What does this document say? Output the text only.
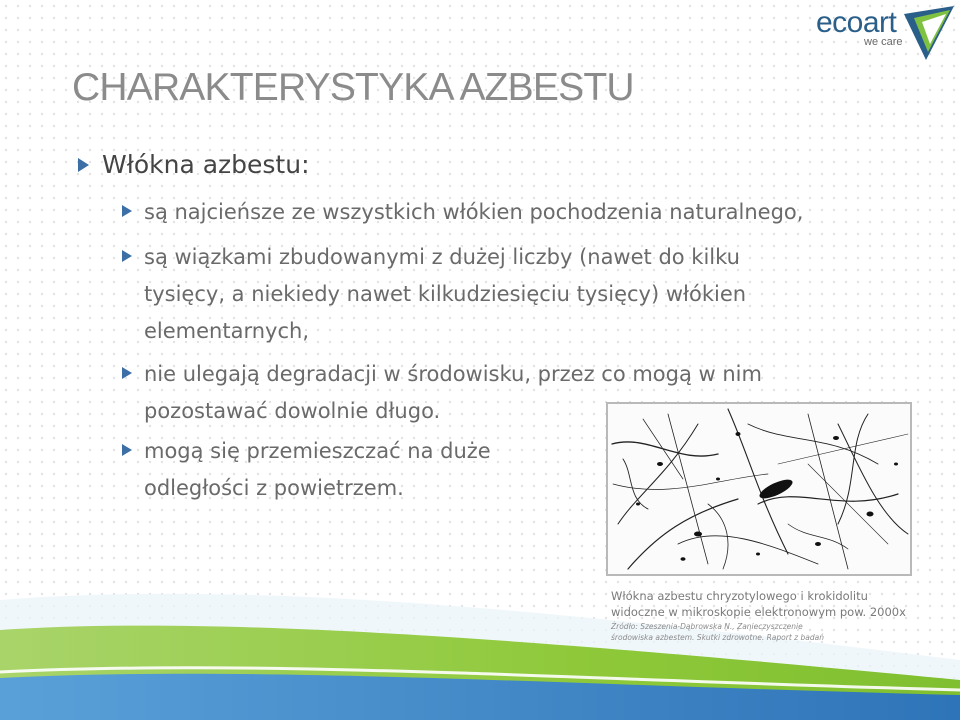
ecoart
we care
CHARAKTERYSTYKA AZBESTU
Włókna azbestu:
są najcieńsze ze wszystkich włókien pochodzenia naturalnego,
są wiązkami zbudowanymi z dużej liczby (nawet do kilku tysięcy, a niekiedy nawet kilkudziesięciu tysięcy) włókien elementarnych,
nie ulegają degradacji w środowisku, przez co mogą w nim pozostawać dowolnie długo.
mogą się przemieszczać na duże odległości z powietrzem.
Włókna azbestu chryzotylowego i krokidolitu
widoczne w mikroskopie elektronowym pow. 2000x
Źródło: Szeszenia-Dąbrowska N., Zanieczyszczenie środowiska azbestem. Skutki zdrowotne. Raport z badań
